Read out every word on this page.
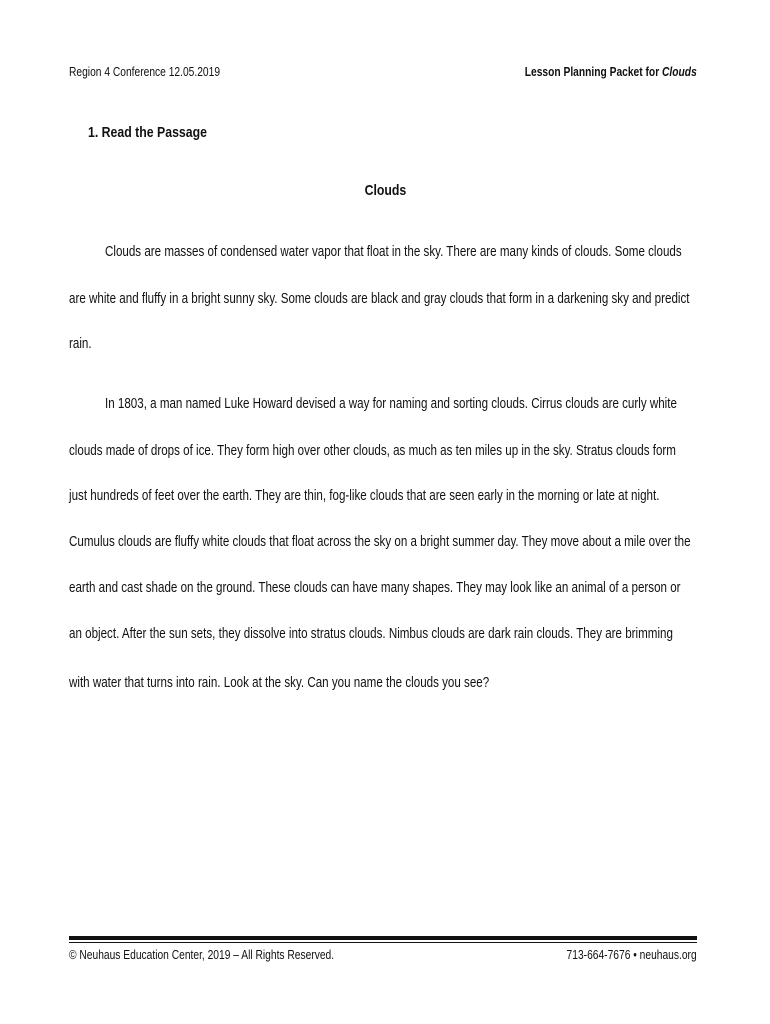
Region 4 Conference 12.05.2019	Lesson Planning Packet for Clouds
1. Read the Passage
Clouds
Clouds are masses of condensed water vapor that float in the sky. There are many kinds of clouds. Some clouds
are white and fluffy in a bright sunny sky. Some clouds are black and gray clouds that form in a darkening sky and predict
rain.
In 1803, a man named Luke Howard devised a way for naming and sorting clouds. Cirrus clouds are curly white
clouds made of drops of ice. They form high over other clouds, as much as ten miles up in the sky. Stratus clouds form
just hundreds of feet over the earth. They are thin, fog-like clouds that are seen early in the morning or late at night.
Cumulus clouds are fluffy white clouds that float across the sky on a bright summer day. They move about a mile over the
earth and cast shade on the ground. These clouds can have many shapes. They may look like an animal of a person or
an object. After the sun sets, they dissolve into stratus clouds. Nimbus clouds are dark rain clouds. They are brimming
with water that turns into rain. Look at the sky. Can you name the clouds you see?
© Neuhaus Education Center, 2019 – All Rights Reserved.	713-664-7676 • neuhaus.org
